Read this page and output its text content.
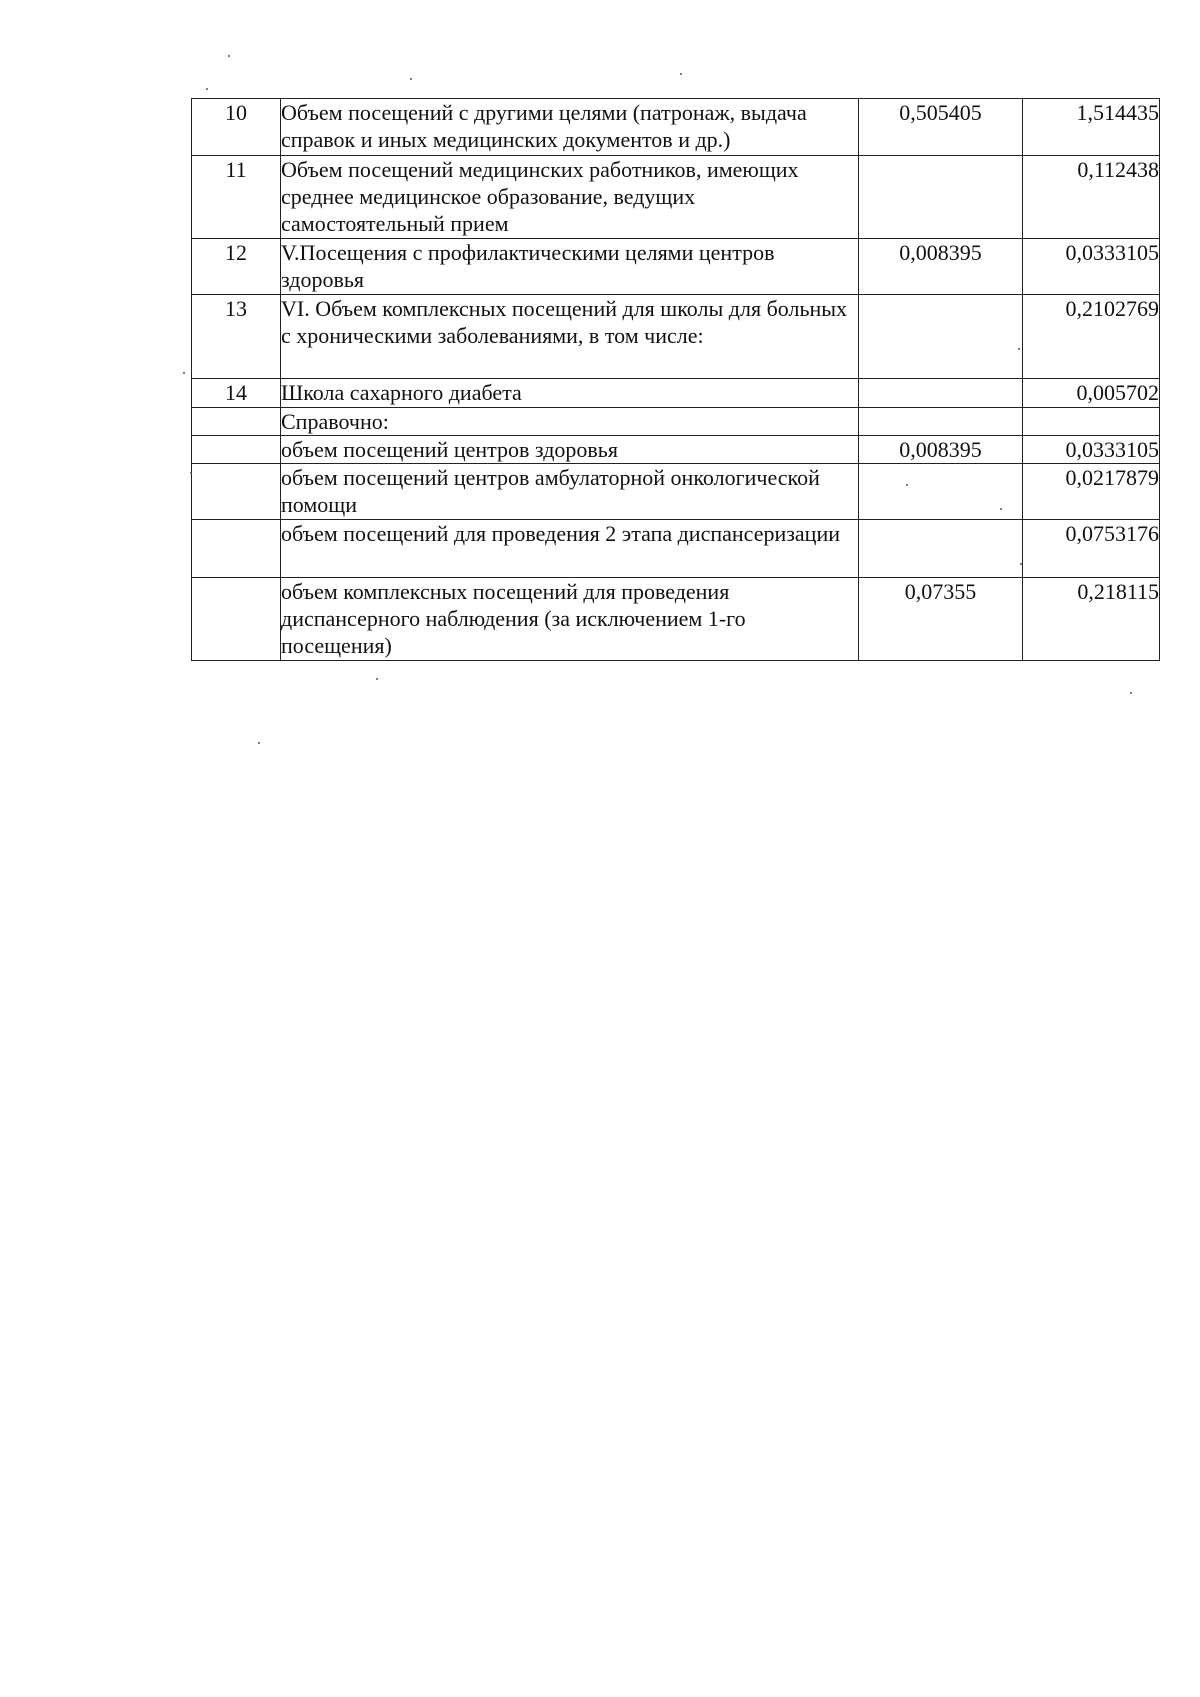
10	Объем посещений с другими целями (патронаж, выдача справок и иных медицинских документов и др.)	0,505405	1,514435
11	Объем посещений медицинских работников, имеющих среднее медицинское образование, ведущих самостоятельный прием		0,112438
12	V.Посещения с профилактическими целями центров здоровья	0,008395	0,0333105
13	VI. Объем комплексных посещений для школы для больных с хроническими заболеваниями, в том числе:		0,2102769
14	Школа сахарного диабета		0,005702
	Справочно:		
	объем посещений центров здоровья	0,008395	0,0333105
	объем посещений центров амбулаторной онкологической помощи		0,0217879
	объем посещений для проведения 2 этапа диспансеризации		0,0753176
	объем комплексных посещений для проведения диспансерного наблюдения (за исключением 1-го посещения)	0,07355	0,218115
